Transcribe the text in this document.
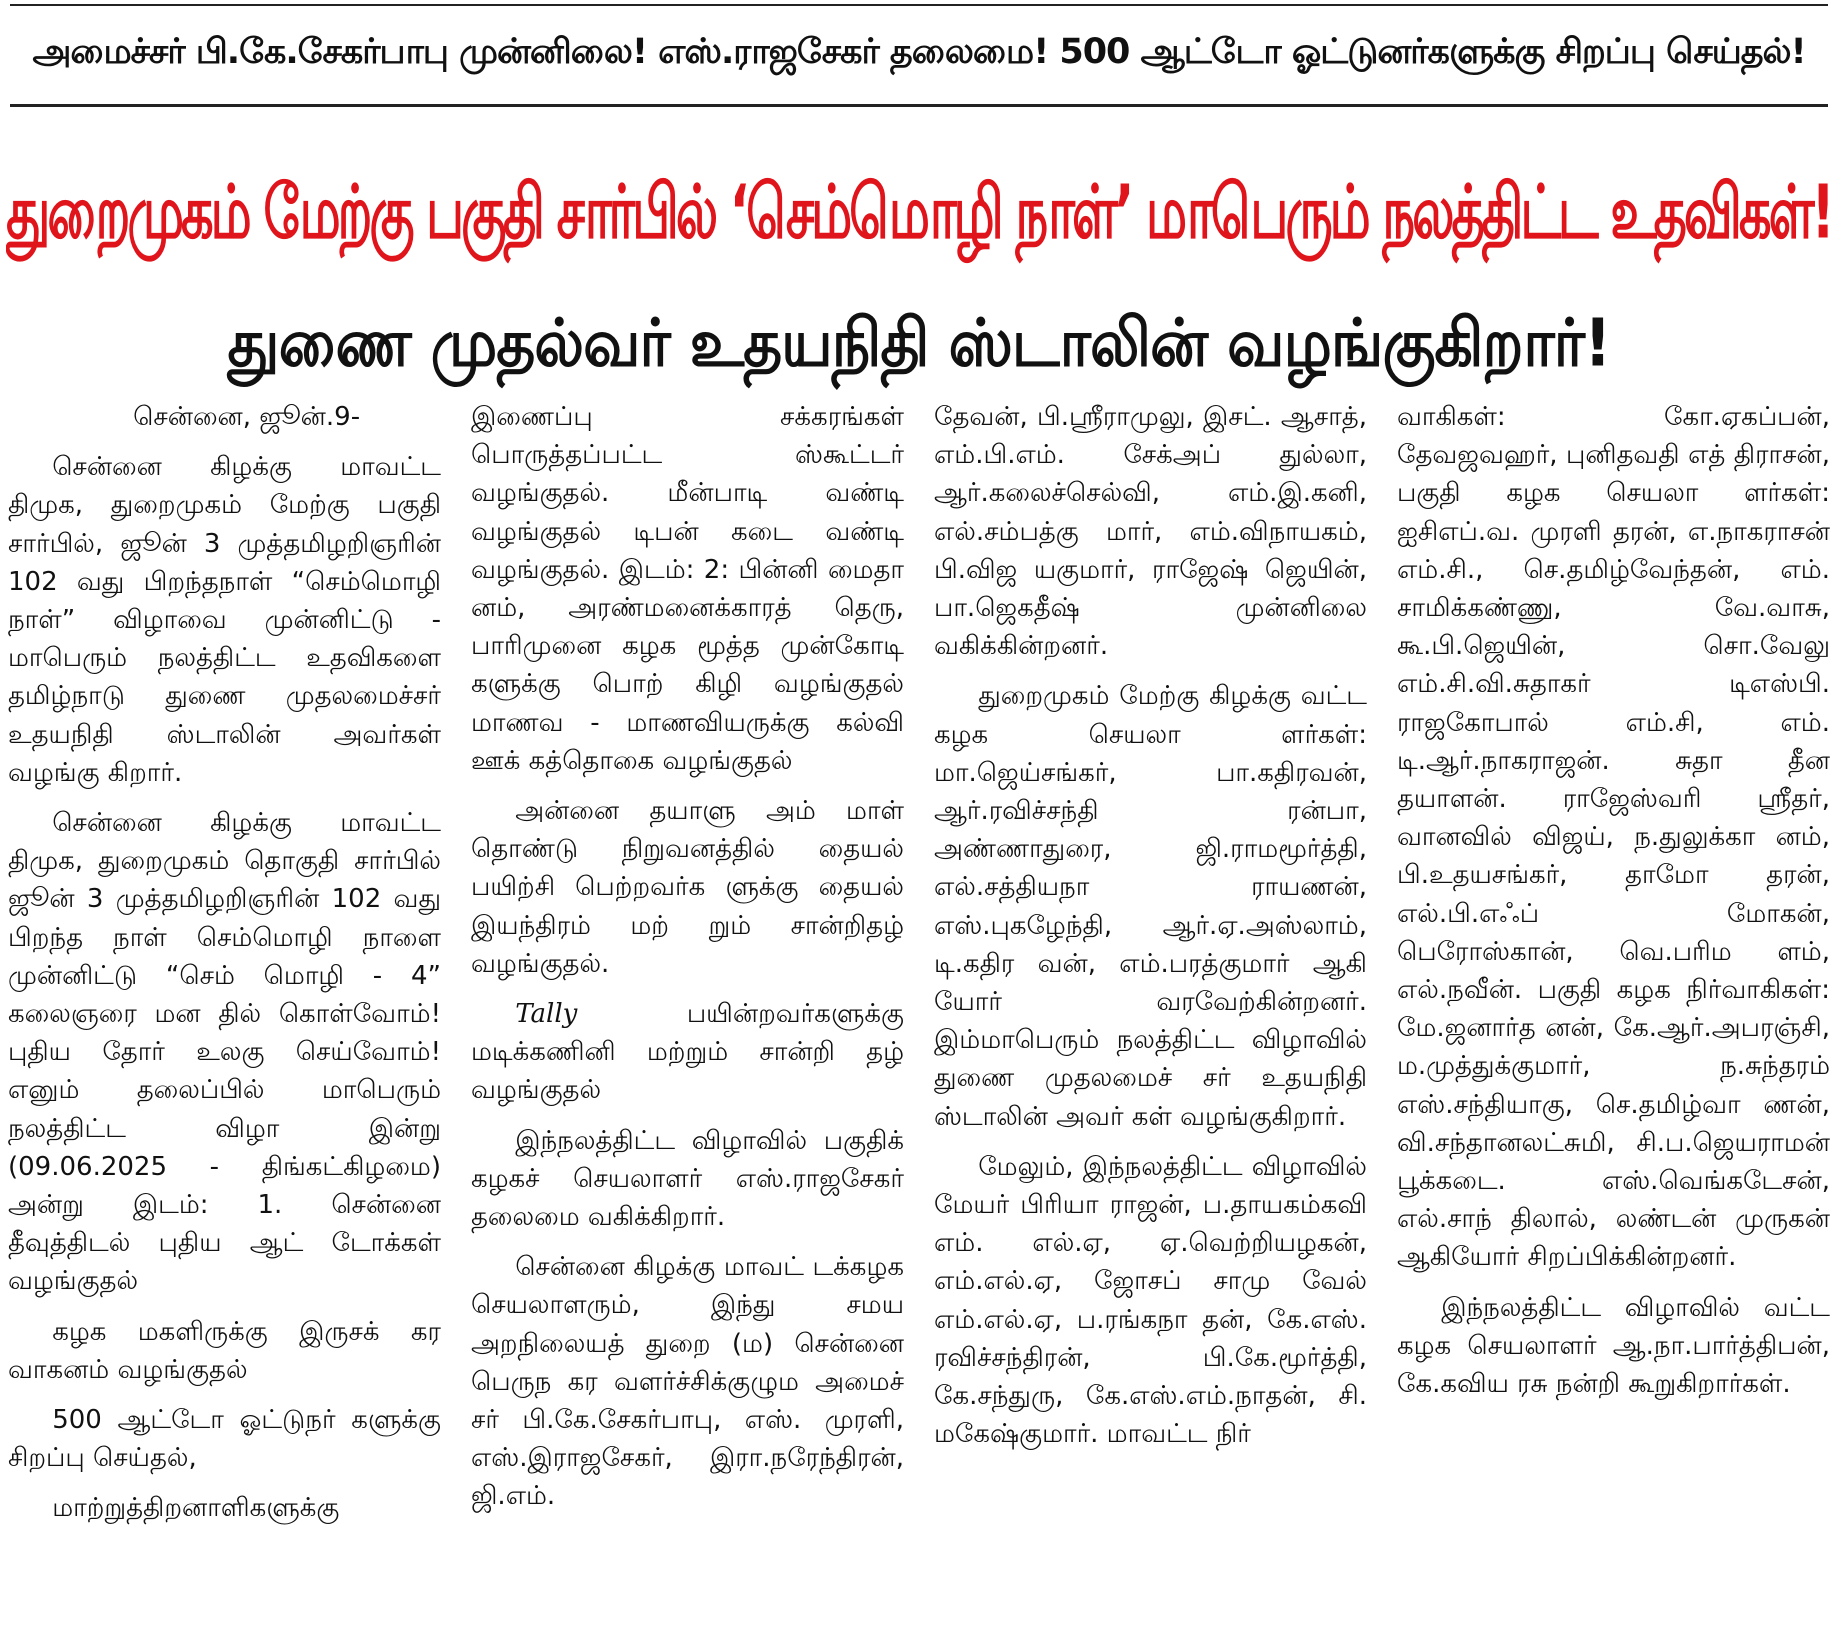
அமைச்சர் பி.கே.சேகர்பாபு முன்னிலை! எஸ்.ராஜசேகர் தலைமை! 500 ஆட்டோ ஓட்டுனர்களுக்கு சிறப்பு செய்தல்!
துறைமுகம் மேற்கு பகுதி சார்பில் ‘செம்மொழி நாள்’ மாபெரும் நலத்திட்ட உதவிகள்!
துணை முதல்வர் உதயநிதி ஸ்டாலின் வழங்குகிறார்!

சென்னை, ஜூன்.9-

சென்னை கிழக்கு மாவட்ட திமுக, துறைமுகம் மேற்கு பகுதி சார்பில், ஜூன் 3 முத்தமிழறிஞரின் 102 வது பிறந்தநாள் “செம்மொழி நாள்” விழாவை முன்னிட்டு - மாபெரும் நலத்திட்ட உதவிகளை தமிழ்நாடு துணை முதலமைச்சர் உதயநிதி ஸ்டாலின் அவர்கள் வழங்கு கிறார்.

சென்னை கிழக்கு மாவட்ட திமுக, துறைமுகம் தொகுதி சார்பில் ஜூன் 3 முத்தமிழறிஞரின் 102 வது பிறந்த நாள் செம்மொழி நாளை முன்னிட்டு “செம் மொழி - 4” கலைஞரை மன தில் கொள்வோம்! புதிய தோர் உலகு செய்வோம்! எனும் தலைப்பில் மாபெரும் நலத்திட்ட விழா இன்று (09.06.2025 - திங்கட்கிழமை) அன்று இடம்: 1. சென்னை தீவுத்திடல் புதிய ஆட் டோக்கள் வழங்குதல்

கழக மகளிருக்கு இருசக் கர வாகனம் வழங்குதல்

500 ஆட்டோ ஓட்டுநர் களுக்கு சிறப்பு செய்தல்,

மாற்றுத்திறனாளிகளுக்கு

இணைப்பு சக்கரங்கள் பொருத்தப்பட்ட ஸ்கூட்டர் வழங்குதல். மீன்பாடி வண்டி வழங்குதல் டிபன் கடை வண்டி வழங்குதல். இடம்: 2: பின்னி மைதா னம், அரண்மனைக்காரத் தெரு, பாரிமுனை கழக மூத்த முன்கோடி களுக்கு பொற் கிழி வழங்குதல் மாணவ - மாணவியருக்கு கல்வி ஊக் கத்தொகை வழங்குதல்

அன்னை தயாளு அம் மாள் தொண்டு நிறுவனத்தில் தையல் பயிற்சி பெற்றவர்க ளுக்கு தையல் இயந்திரம் மற் றும் சான்றிதழ் வழங்குதல்.

Tally பயின்றவர்களுக்கு மடிக்கணினி மற்றும் சான்றி தழ் வழங்குதல்

இந்நலத்திட்ட விழாவில் பகுதிக் கழகச் செயலாளர் எஸ்.ராஜசேகர் தலைமை வகிக்கிறார்.

சென்னை கிழக்கு மாவட் டக்கழக செயலாளரும், இந்து சமய அறநிலையத் துறை (ம) சென்னை பெருந கர வளர்ச்சிக்குழும அமைச் சர் பி.கே.சேகர்பாபு, எஸ். முரளி, எஸ்.இராஜசேகர், இரா.நரேந்திரன், ஜி.எம்.

தேவன், பி.ஸ்ரீராமுலு, இசட். ஆசாத், எம்.பி.எம். சேக்அப் துல்லா, ஆர்.கலைச்செல்வி, எம்.இ.கனி, எல்.சம்பத்கு மார், எம்.விநாயகம், பி.விஜ யகுமார், ராஜேஷ் ஜெயின், பா.ஜெகதீஷ் முன்னிலை வகிக்கின்றனர்.

துறைமுகம் மேற்கு கிழக்கு வட்ட கழக செயலா ளர்கள்: மா.ஜெய்சங்கர், பா.கதிரவன், ஆர்.ரவிச்சந்தி ரன்பா, அண்ணாதுரை, ஜி.ராமமூர்த்தி, எல்.சத்தியநா ராயணன், எஸ்.புகழேந்தி, ஆர்.ஏ.அஸ்லாம், டி.கதிர வன், எம்.பரத்குமார் ஆகி யோர் வரவேற்கின்றனர். இம்மாபெரும் நலத்திட்ட விழாவில் துணை முதலமைச் சர் உதயநிதி ஸ்டாலின் அவர் கள் வழங்குகிறார்.

மேலும், இந்நலத்திட்ட விழாவில் மேயர் பிரியா ராஜன், ப.தாயகம்கவி எம். எல்.ஏ, ஏ.வெற்றியழகன், எம்.எல்.ஏ, ஜோசப் சாமு வேல் எம்.எல்.ஏ, ப.ரங்கநா தன், கே.எஸ். ரவிச்சந்திரன், பி.கே.மூர்த்தி, கே.சந்துரு, கே.எஸ்.எம்.நாதன், சி. மகேஷ்குமார். மாவட்ட நிர்

வாகிகள்: கோ.ஏகப்பன், தேவஜவஹர், புனிதவதி எத் திராசன், பகுதி கழக செயலா ளர்கள்: ஐசிஎப்.வ. முரளி தரன், எ.நாகராசன் எம்.சி., செ.தமிழ்வேந்தன், எம். சாமிக்கண்ணு, வே.வாசு, கூ.பி.ஜெயின், சொ.வேலு எம்.சி.வி.சுதாகர் டிஎஸ்பி. ராஜகோபால் எம்.சி, எம். டி.ஆர்.நாகராஜன். சுதா தீன தயாளன். ராஜேஸ்வரி ஸ்ரீதர், வானவில் விஜய், ந.துலுக்கா னம், பி.உதயசங்கர், தாமோ தரன், எல்.பி.எஃப் மோகன், பெரோஸ்கான், வெ.பரிம ளம், எல்.நவீன். பகுதி கழக நிர்வாகிகள்: மே.ஜனார்த னன், கே.ஆர்.அபரஞ்சி, ம.முத்துக்குமார், ந.சுந்தரம் எஸ்.சந்தியாகு, செ.தமிழ்வா ணன், வி.சந்தானலட்சுமி, சி.ப.ஜெயராமன் பூக்கடை. எஸ்.வெங்கடேசன், எல்.சாந் திலால், லண்டன் முருகன் ஆகியோர் சிறப்பிக்கின்றனர்.

இந்நலத்திட்ட விழாவில் வட்ட கழக செயலாளர் ஆ.நா.பார்த்திபன், கே.கவிய ரசு நன்றி கூறுகிறார்கள்.
